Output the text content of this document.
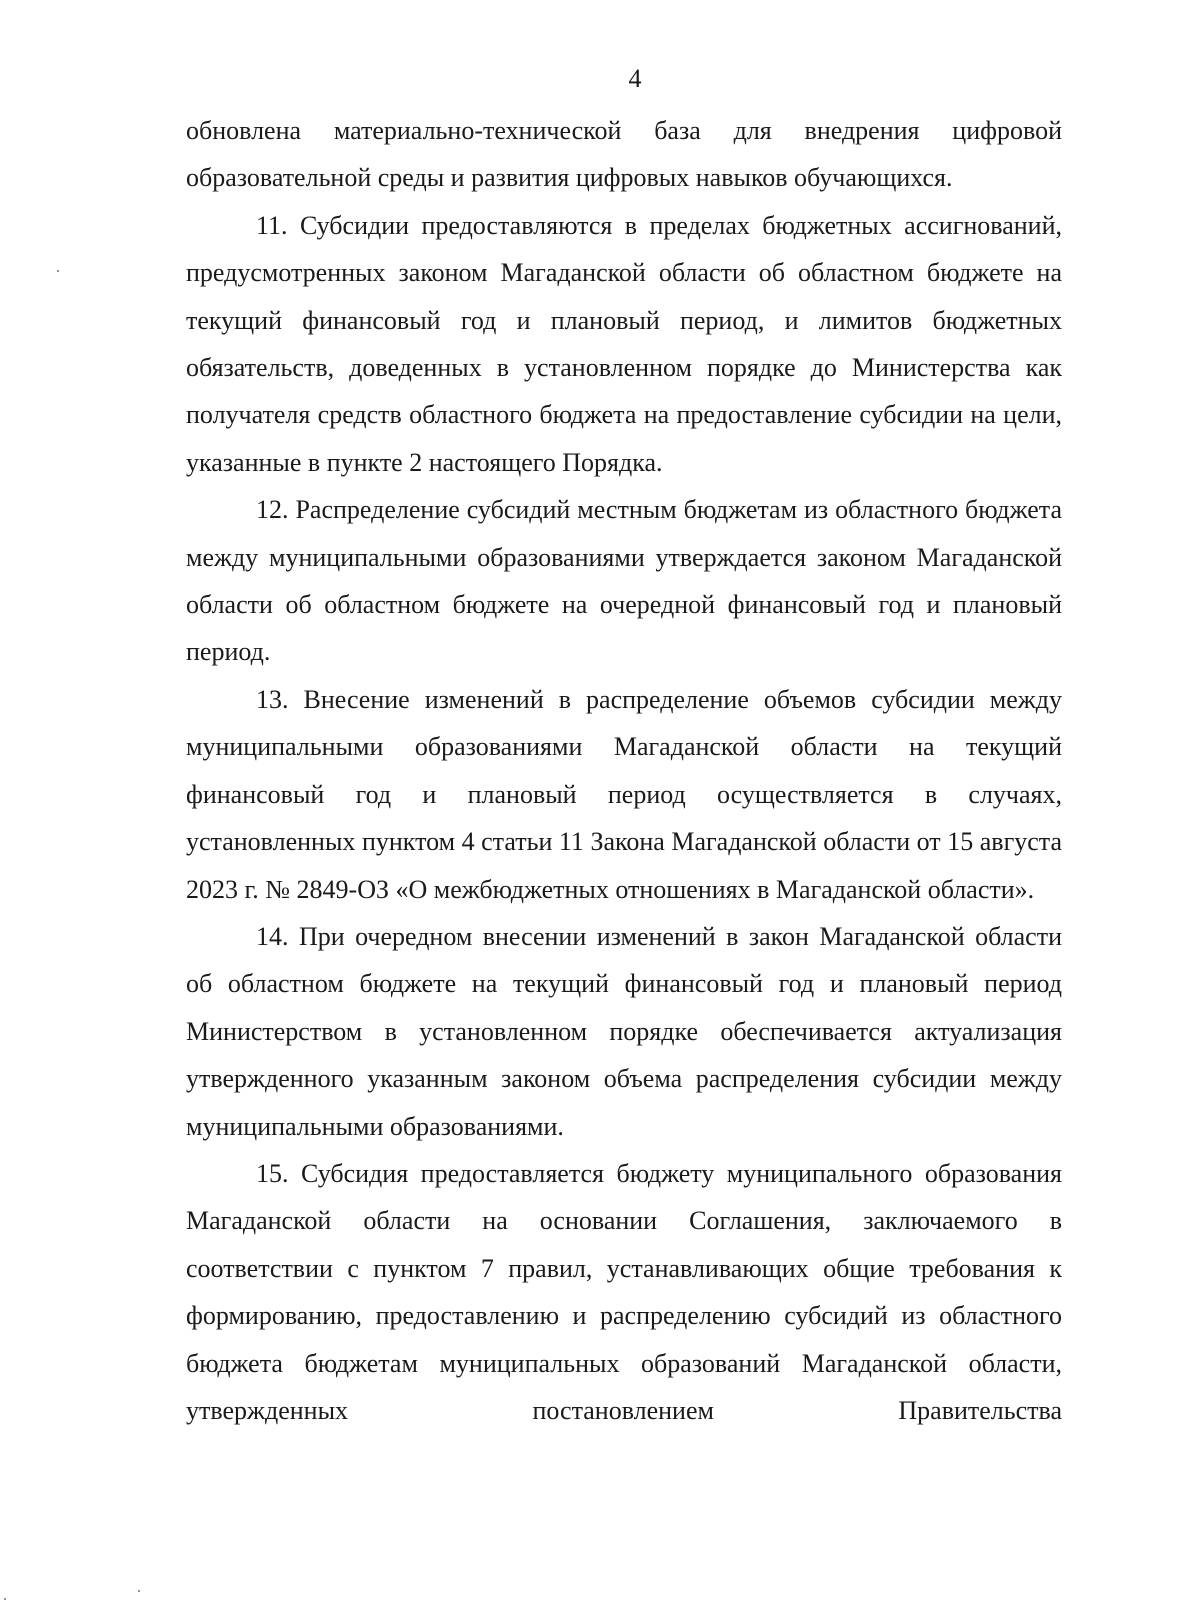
4

обновлена материально-технической база для внедрения цифровой образовательной среды и развития цифровых навыков обучающихся.

11. Субсидии предоставляются в пределах бюджетных ассигнований, предусмотренных законом Магаданской области об областном бюджете на текущий финансовый год и плановый период, и лимитов бюджетных обязательств, доведенных в установленном порядке до Министерства как получателя средств областного бюджета на предоставление субсидии на цели, указанные в пункте 2 настоящего Порядка.

12. Распределение субсидий местным бюджетам из областного бюджета между муниципальными образованиями утверждается законом Магаданской области об областном бюджете на очередной финансовый год и плановый период.

13. Внесение изменений в распределение объемов субсидии между муниципальными образованиями Магаданской области на текущий финансовый год и плановый период осуществляется в случаях, установленных пунктом 4 статьи 11 Закона Магаданской области от 15 августа 2023 г. № 2849-ОЗ «О межбюджетных отношениях в Магаданской области».

14. При очередном внесении изменений в закон Магаданской области об областном бюджете на текущий финансовый год и плановый период Министерством в установленном порядке обеспечивается актуализация утвержденного указанным законом объема распределения субсидии между муниципальными образованиями.

15. Субсидия предоставляется бюджету муниципального образования Магаданской области на основании Соглашения, заключаемого в соответствии с пунктом 7 правил, устанавливающих общие требования к формированию, предоставлению и распределению субсидий из областного бюджета бюджетам муниципальных образований Магаданской области, утвержденных постановлением Правительства
